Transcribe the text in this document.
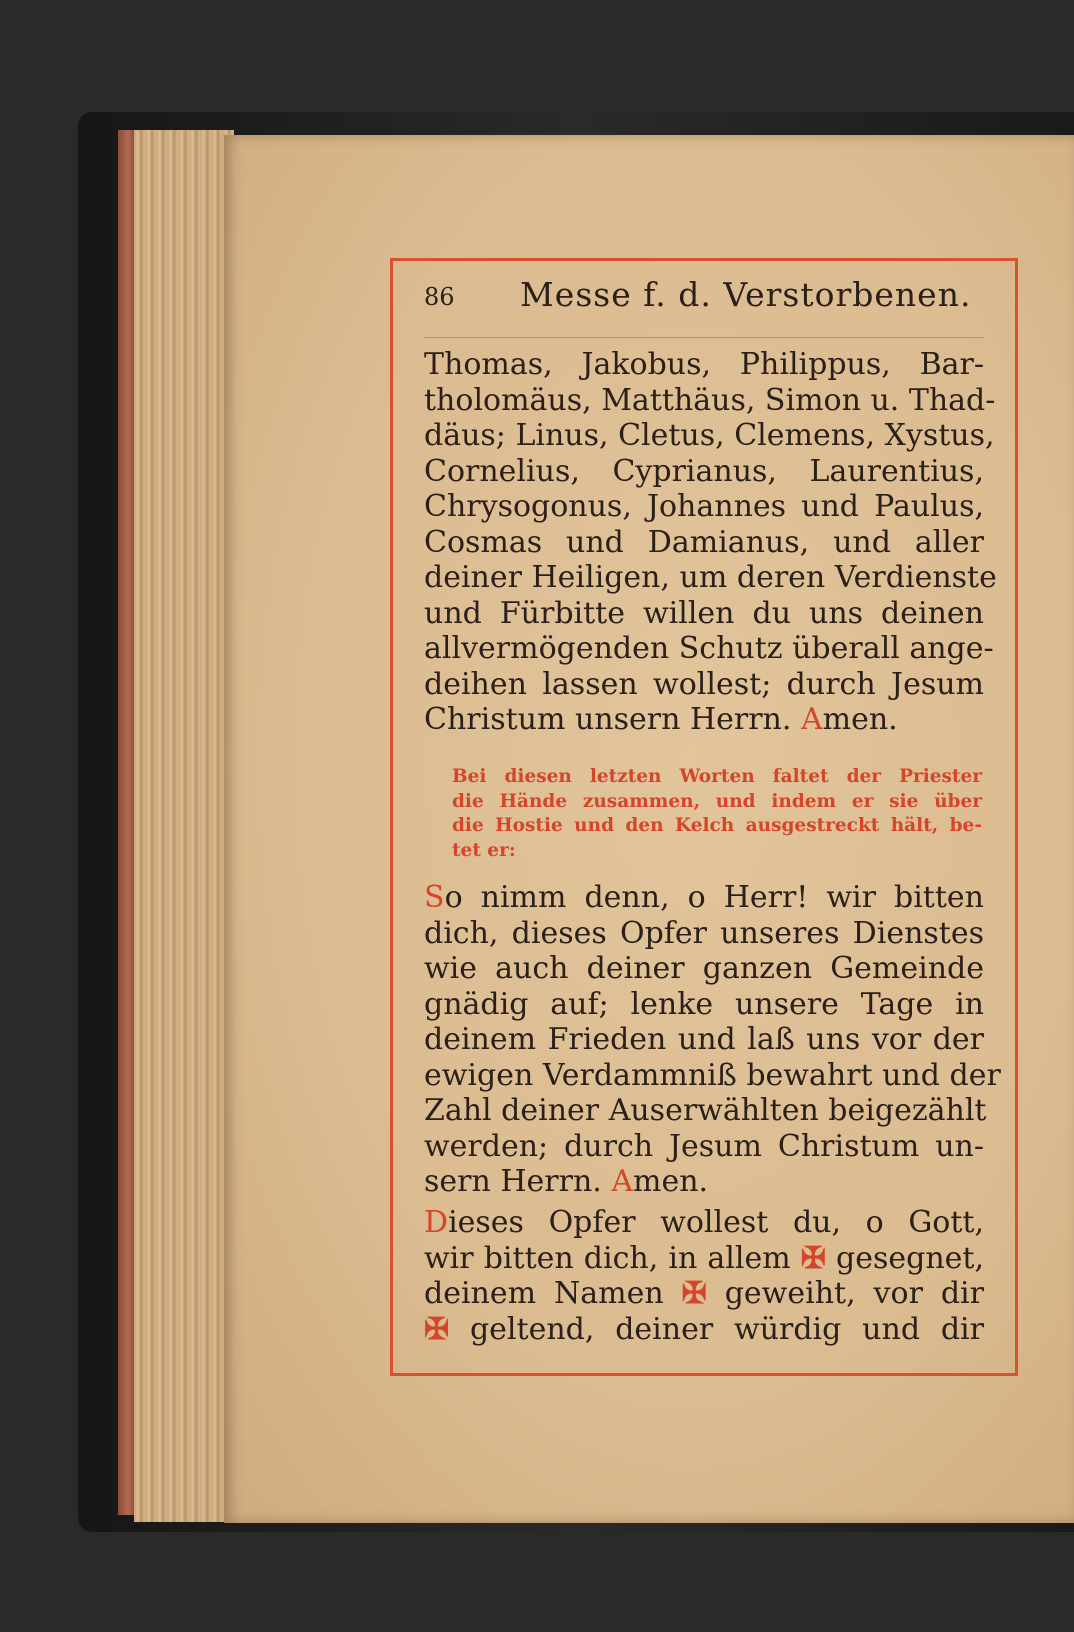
86 Messe f. d. Verstorbenen.
Thomas, Jakobus, Philippus, Bar-
tholomäus, Matthäus, Simon u. Thad-
däus; Linus, Cletus, Clemens, Xystus,
Cornelius, Cyprianus, Laurentius,
Chrysogonus, Johannes und Paulus,
Cosmas und Damianus, und aller
deiner Heiligen, um deren Verdienste
und Fürbitte willen du uns deinen
allvermögenden Schutz überall ange-
deihen lassen wollest; durch Jesum
Christum unsern Herrn. Amen.
Bei diesen letzten Worten faltet der Priester
die Hände zusammen, und indem er sie über
die Hostie und den Kelch ausgestreckt hält, be-
tet er:
So nimm denn, o Herr! wir bitten
dich, dieses Opfer unseres Dienstes
wie auch deiner ganzen Gemeinde
gnädig auf; lenke unsere Tage in
deinem Frieden und laß uns vor der
ewigen Verdammniß bewahrt und der
Zahl deiner Auserwählten beigezählt
werden; durch Jesum Christum un-
sern Herrn. Amen.
Dieses Opfer wollest du, o Gott,
wir bitten dich, in allem ✠ gesegnet,
deinem Namen ✠ geweiht, vor dir
✠ geltend, deiner würdig und dir
